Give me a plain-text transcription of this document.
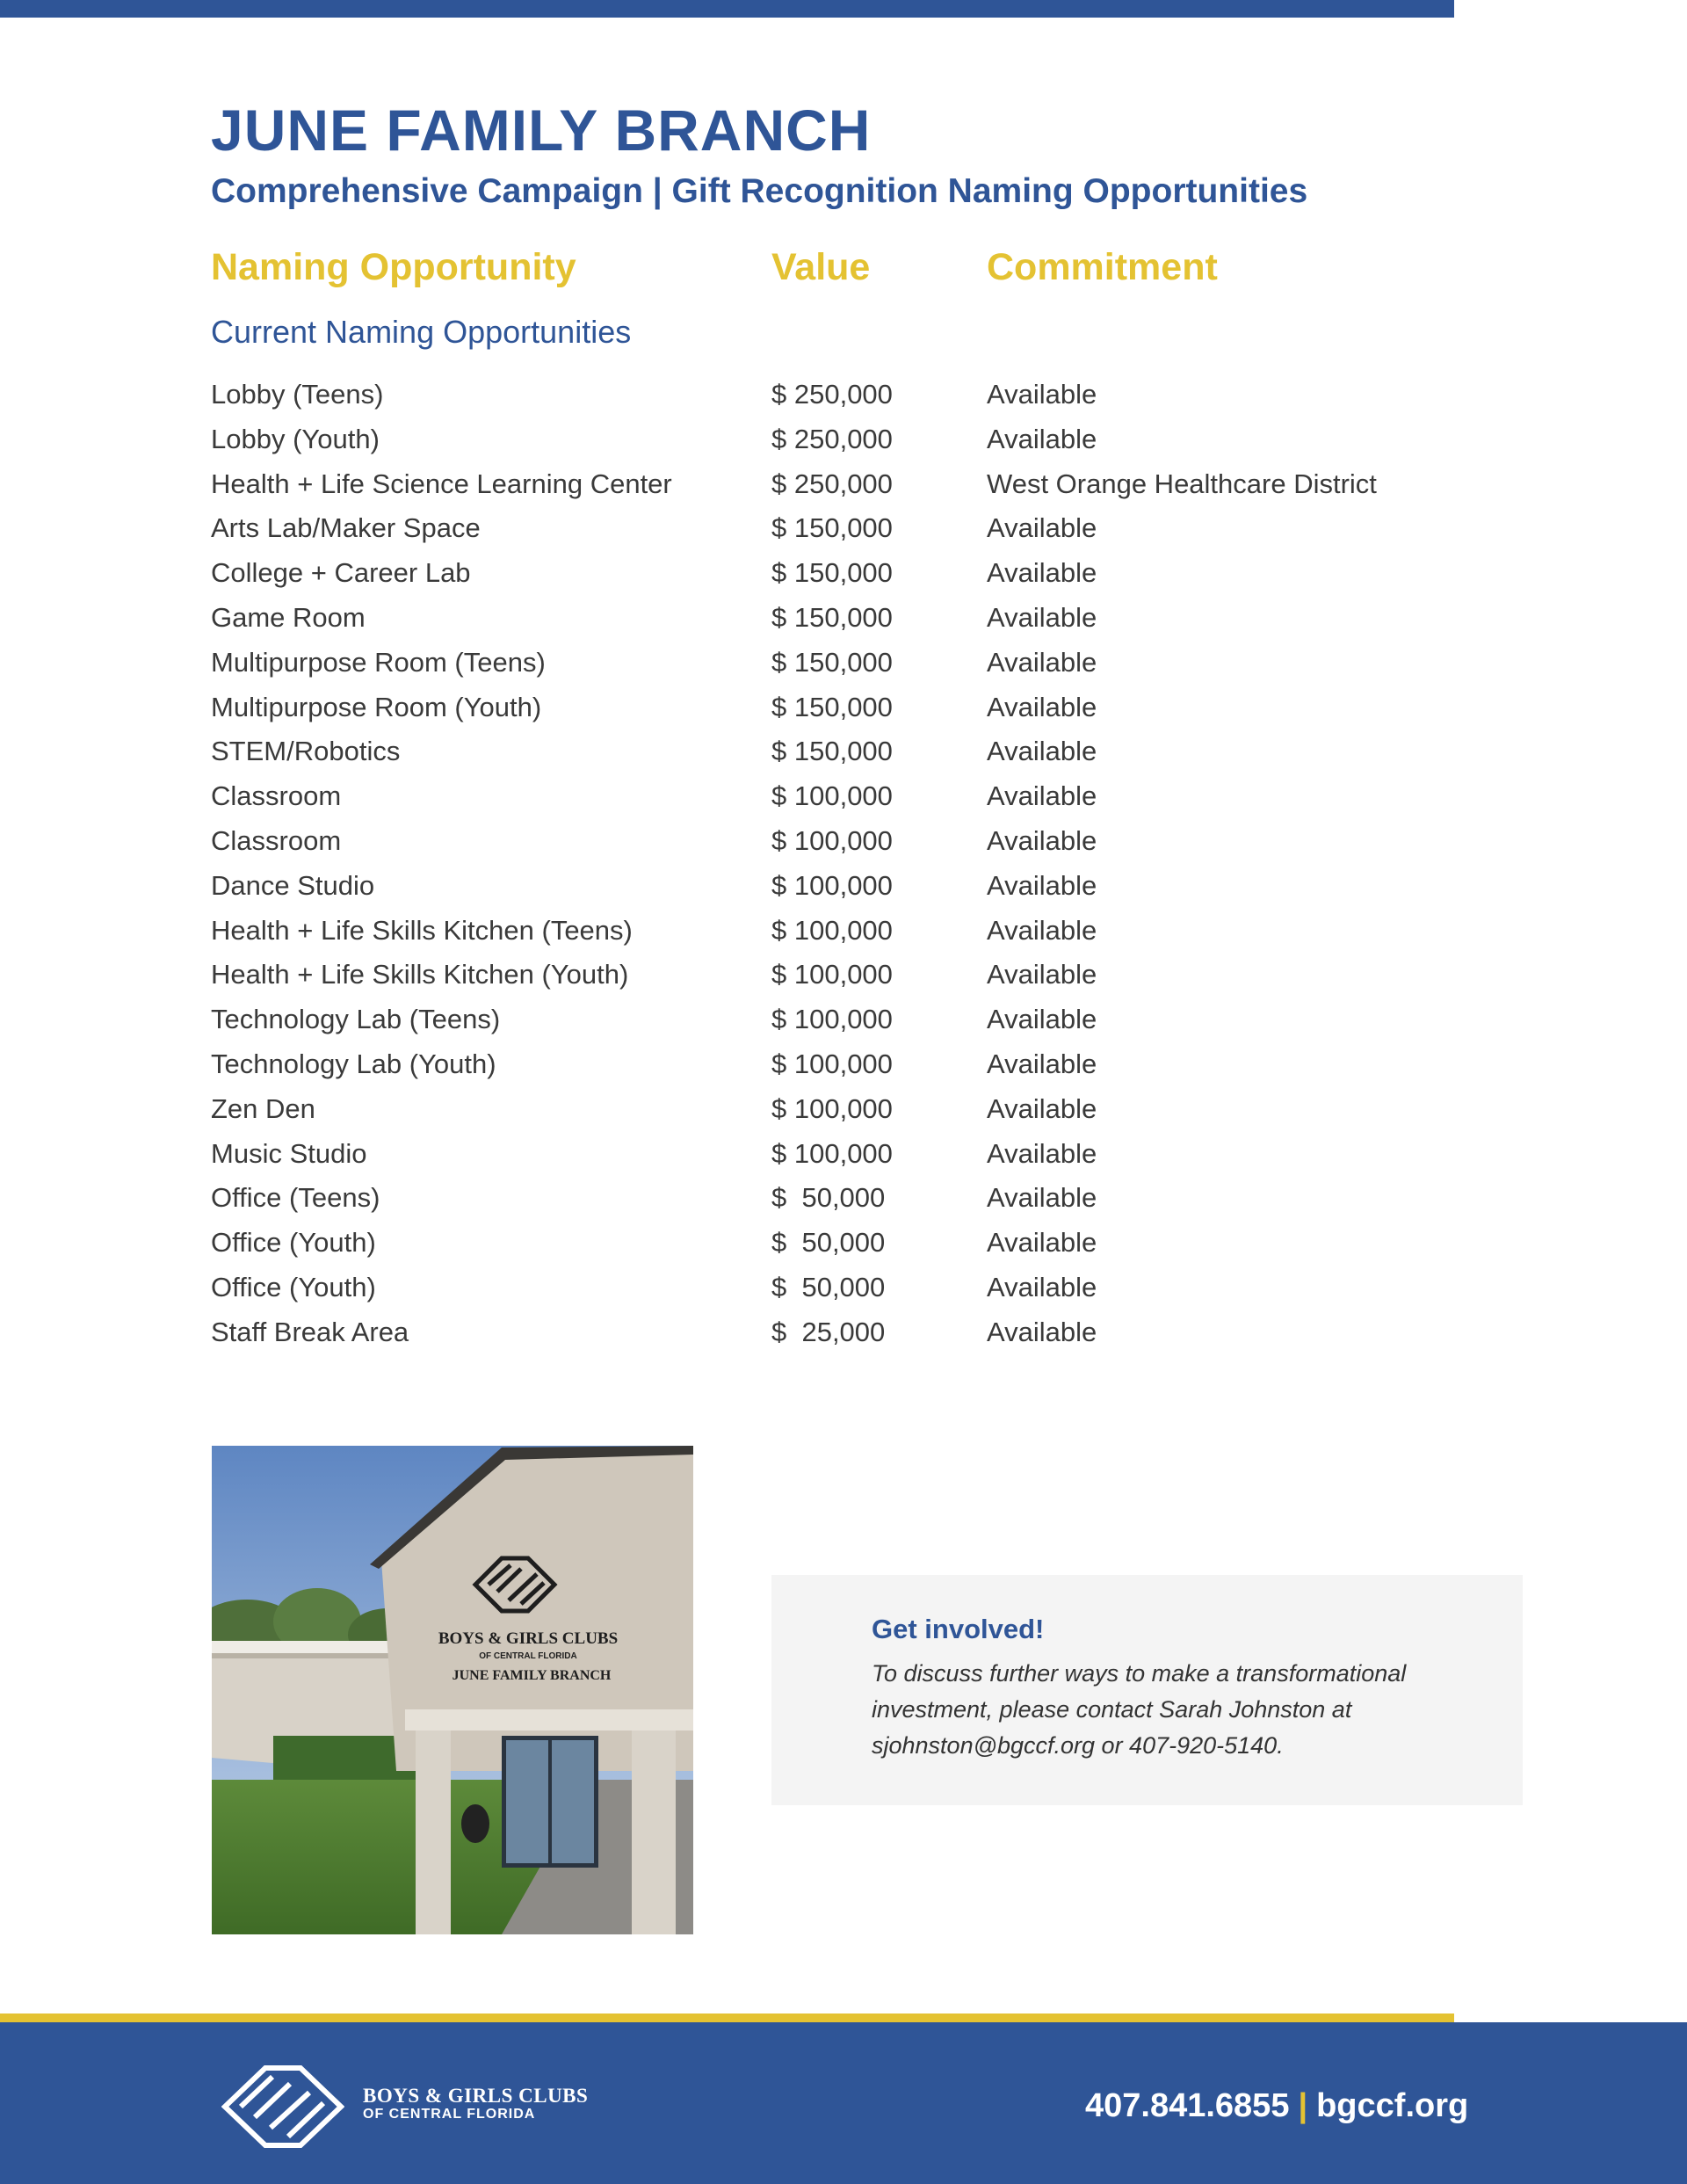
JUNE FAMILY BRANCH
Comprehensive Campaign | Gift Recognition Naming Opportunities
Naming Opportunity	Value	Commitment
Current Naming Opportunities
Lobby (Teens)	$ 250,000	Available
Lobby (Youth)	$ 250,000	Available
Health + Life Science Learning Center	$ 250,000	West Orange Healthcare District
Arts Lab/Maker Space	$ 150,000	Available
College + Career Lab	$ 150,000	Available
Game Room	$ 150,000	Available
Multipurpose Room (Teens)	$ 150,000	Available
Multipurpose Room (Youth)	$ 150,000	Available
STEM/Robotics	$ 150,000	Available
Classroom	$ 100,000	Available
Classroom	$ 100,000	Available
Dance Studio	$ 100,000	Available
Health + Life Skills Kitchen (Teens)	$ 100,000	Available
Health + Life Skills Kitchen (Youth)	$ 100,000	Available
Technology Lab (Teens)	$ 100,000	Available
Technology Lab (Youth)	$ 100,000	Available
Zen Den	$ 100,000	Available
Music Studio	$ 100,000	Available
Office (Teens)	$  50,000	Available
Office (Youth)	$  50,000	Available
Office (Youth)	$  50,000	Available
Staff Break Area	$  25,000	Available
BOYS & GIRLS CLUBS
OF CENTRAL FLORIDA
JUNE FAMILY BRANCH
Get involved!

To discuss further ways to make a transformational investment, please contact Sarah Johnston at sjohnston@bgccf.org or 407-920-5140.

BOYS & GIRLS CLUBS
OF CENTRAL FLORIDA	407.841.6855 | bgccf.org
